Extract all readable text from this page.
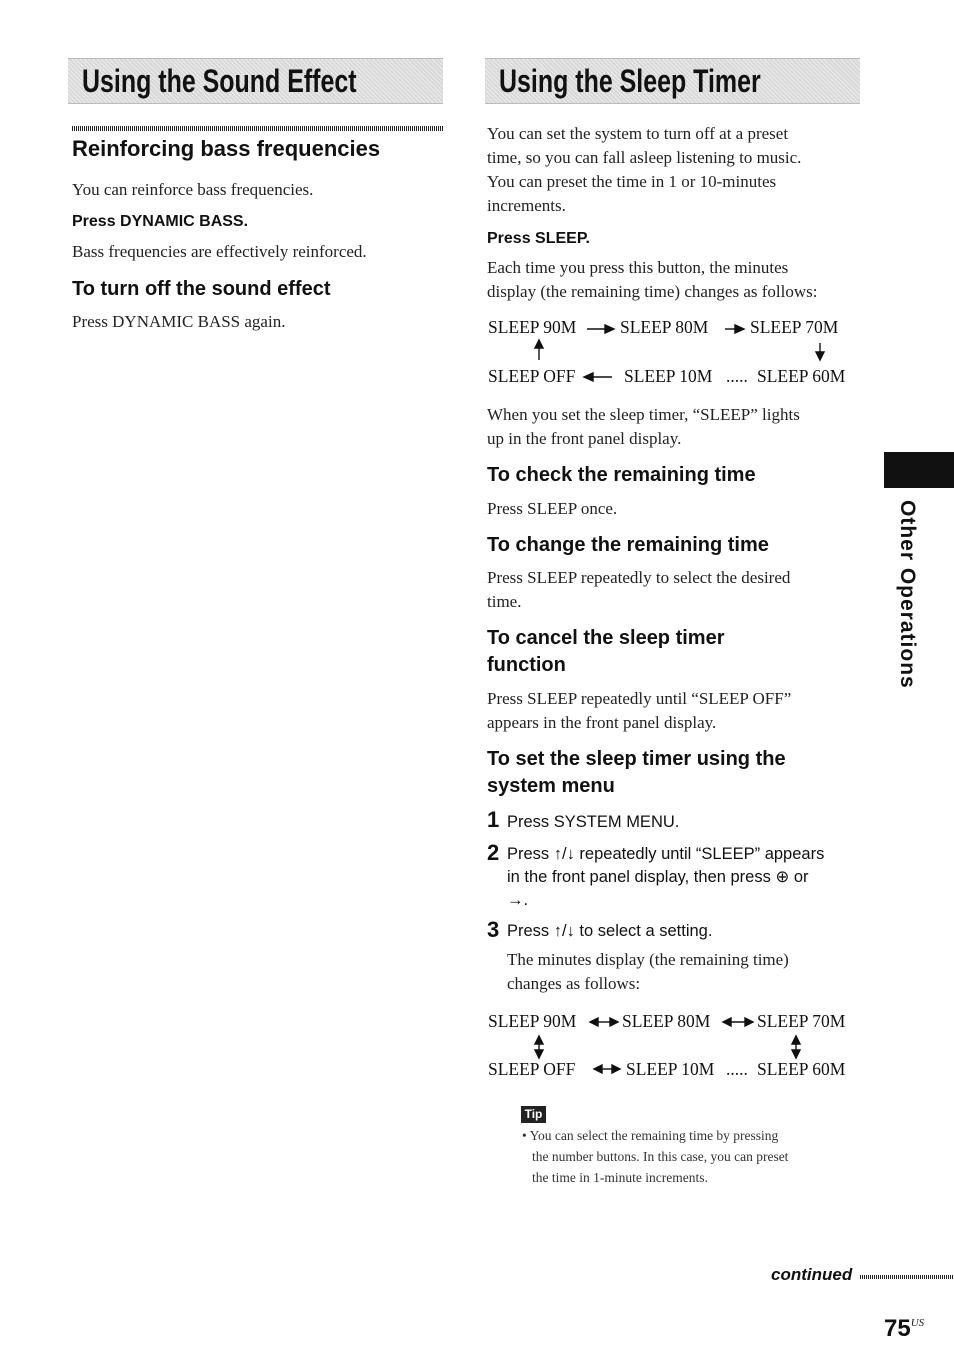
Using the Sound Effect
Reinforcing bass frequencies
You can reinforce bass frequencies.
Press DYNAMIC BASS.
Bass frequencies are effectively reinforced.
To turn off the sound effect
Press DYNAMIC BASS again.
Using the Sleep Timer
You can set the system to turn off at a preset
time, so you can fall asleep listening to music.
You can preset the time in 1 or 10-minutes
increments.
Press SLEEP.
Each time you press this button, the minutes
display (the remaining time) changes as follows:
SLEEP 90M SLEEP 80M SLEEP 70M
SLEEP OFF	SLEEP 10M ..... SLEEP 60M
When you set the sleep timer, “SLEEP” lights
up in the front panel display.
To check the remaining time
Press SLEEP once.
To change the remaining time
Press SLEEP repeatedly to select the desired
time.
To cancel the sleep timer
function
Press SLEEP repeatedly until “SLEEP OFF”
appears in the front panel display.
To set the sleep timer using the
system menu
1 Press SYSTEM MENU.
2 Press ↑/↓ repeatedly until “SLEEP” appears
in the front panel display, then press ⊕ or
→.
3 Press ↑/↓ to select a setting.
The minutes display (the remaining time)
changes as follows:
SLEEP 90M	SLEEP 80M	SLEEP 70M
SLEEP OFF	SLEEP 10M ..... SLEEP 60M
Tip
• You can select the remaining time by pressing
the number buttons. In this case, you can preset
the time in 1-minute increments.
Other Operations
continued
$75^{US}$
